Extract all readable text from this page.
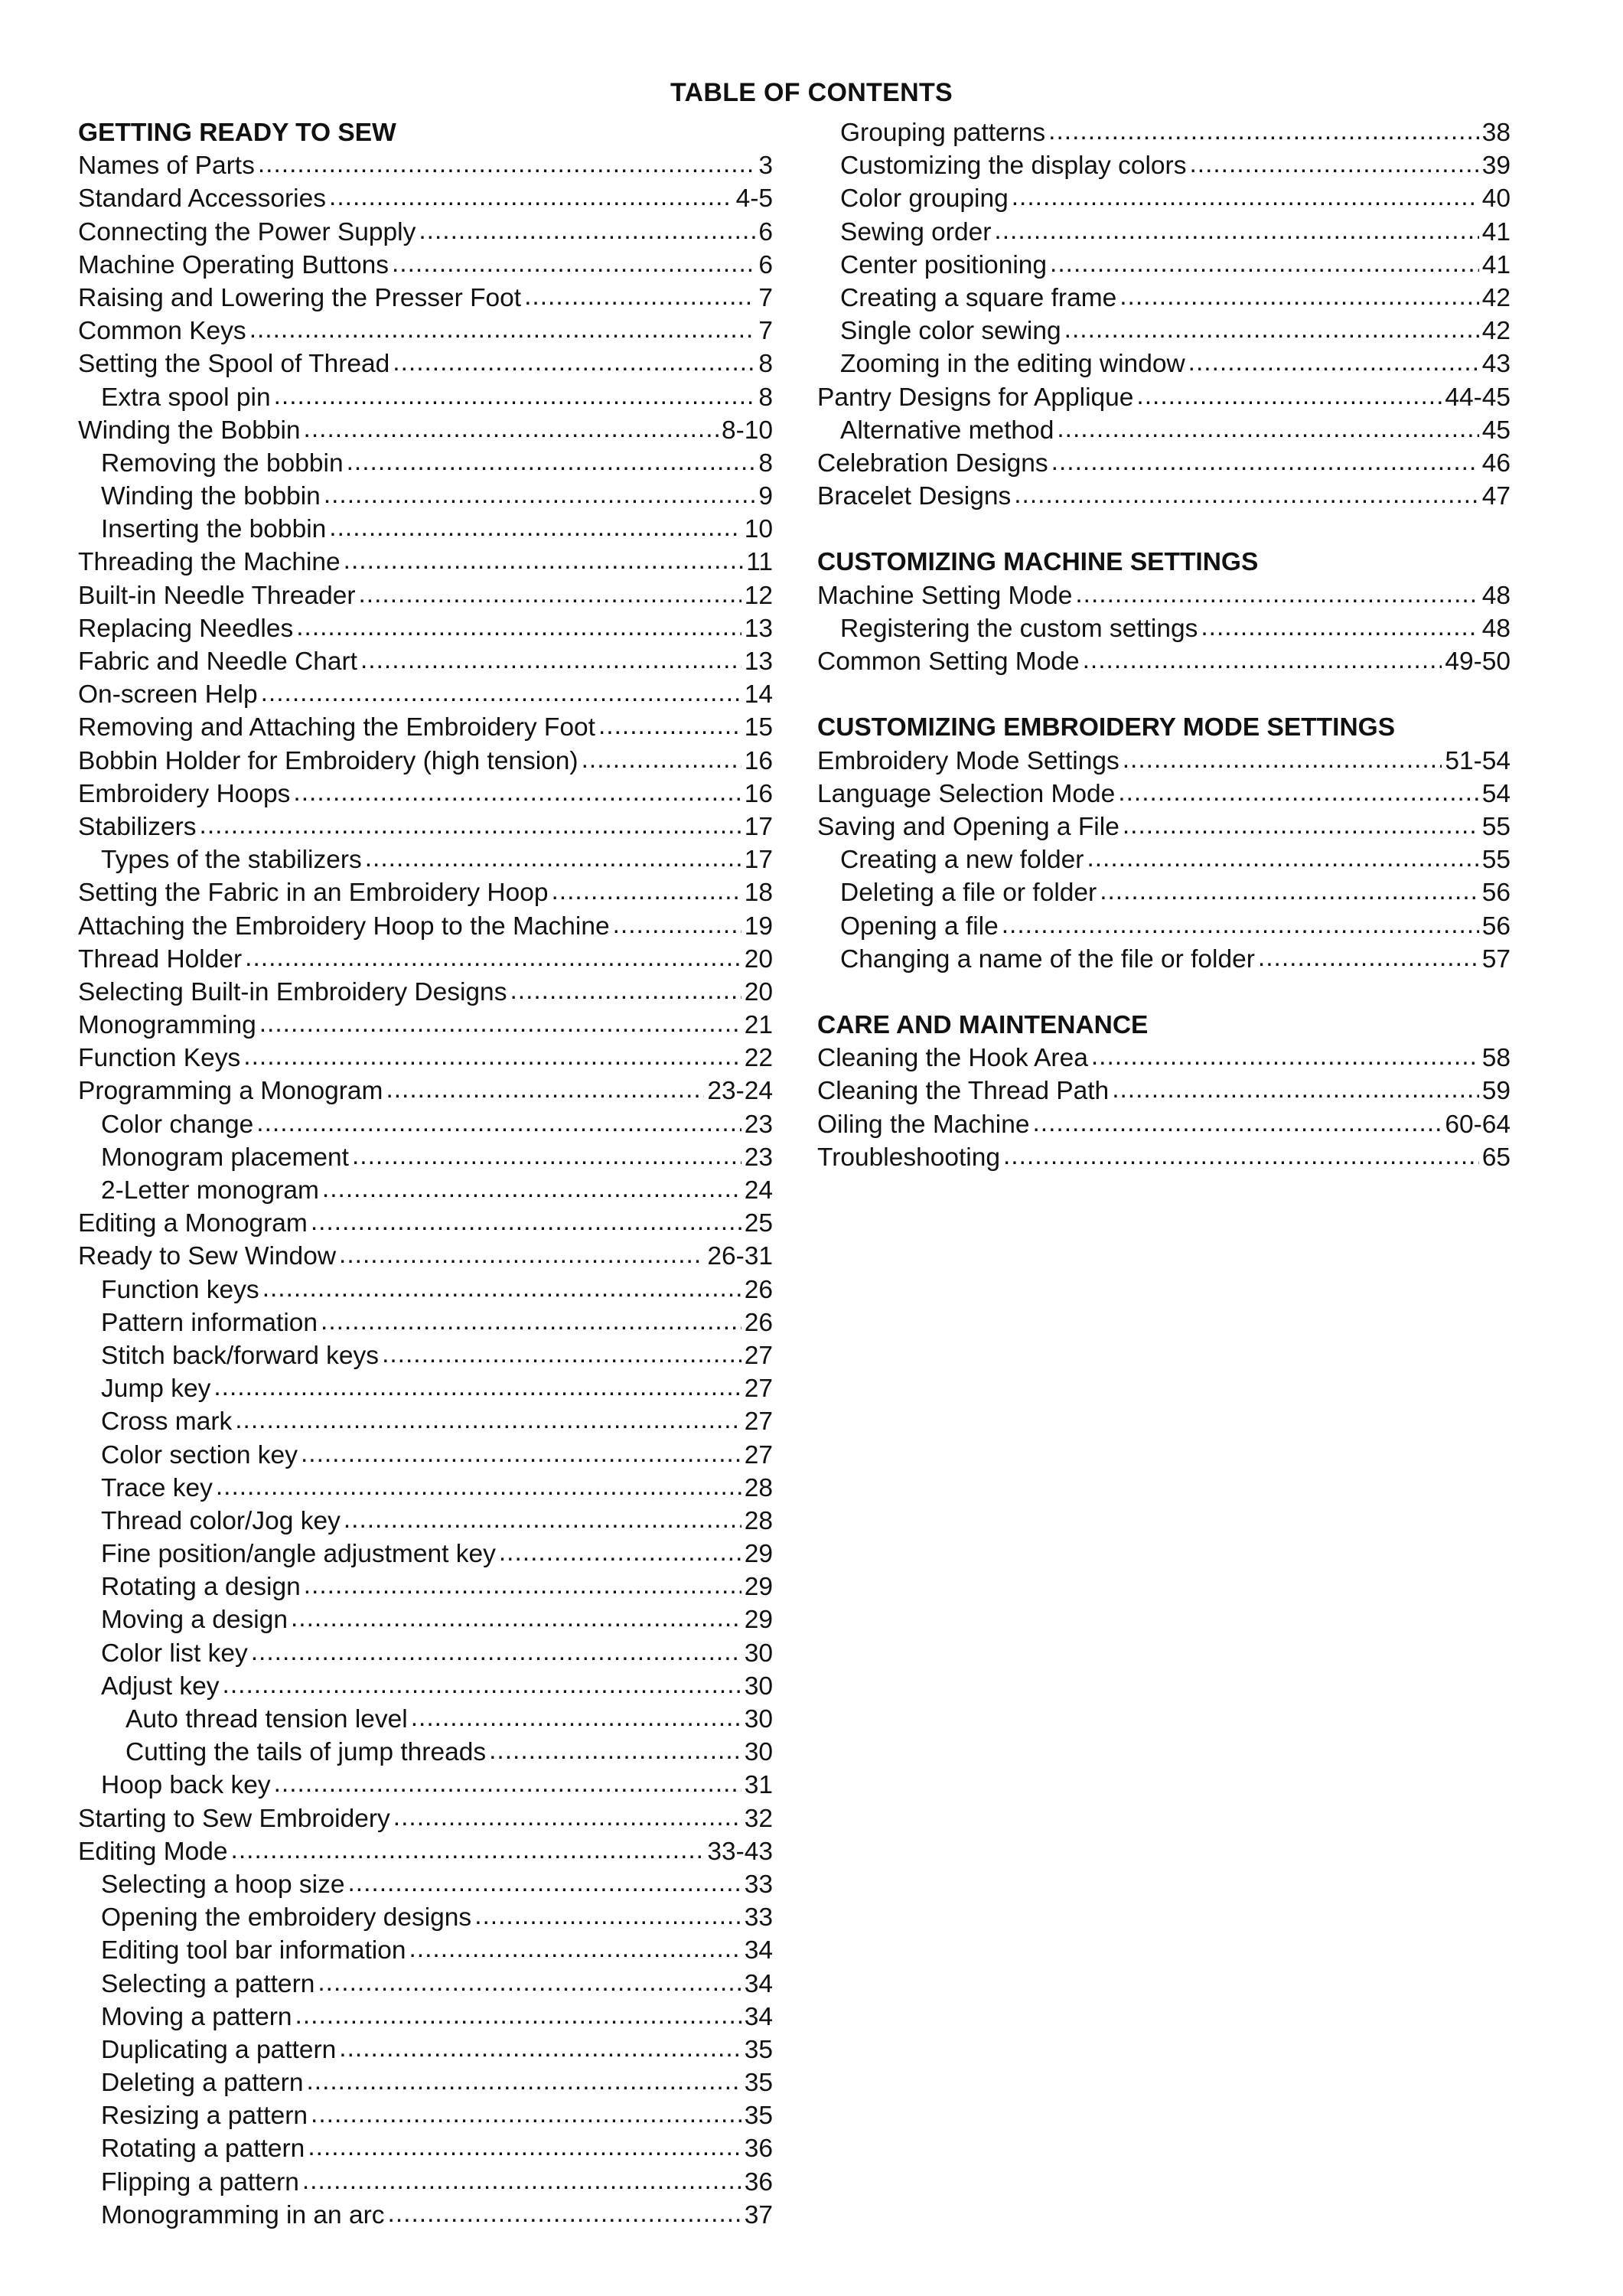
TABLE OF CONTENTS
GETTING READY TO SEW
Names of Parts .....	3
Standard Accessories .....	4-5
Connecting the Power Supply .....	6
Machine Operating Buttons .....	6
Raising and Lowering the Presser Foot .....	7
Common Keys .....	7
Setting the Spool of Thread .....	8
Extra spool pin .....	8
Winding the Bobbin .....	8-10
Removing the bobbin .....	8
Winding the bobbin .....	9
Inserting the bobbin .....	10
Threading the Machine .....	11
Built-in Needle Threader .....	12
Replacing Needles .....	13
Fabric and Needle Chart .....	13
On-screen Help .....	14
Removing and Attaching the Embroidery Foot .....	15
Bobbin Holder for Embroidery (high tension) .....	16
Embroidery Hoops .....	16
Stabilizers .....	17
Types of the stabilizers .....	17
Setting the Fabric in an Embroidery Hoop .....	18
Attaching the Embroidery Hoop to the Machine .....	19
Thread Holder .....	20
Selecting Built-in Embroidery Designs .....	20
Monogramming .....	21
Function Keys .....	22
Programming a Monogram .....	23-24
Color change .....	23
Monogram placement .....	23
2-Letter monogram .....	24
Editing a Monogram .....	25
Ready to Sew Window .....	26-31
Function keys .....	26
Pattern information .....	26
Stitch back/forward keys .....	27
Jump key .....	27
Cross mark .....	27
Color section key .....	27
Trace key .....	28
Thread color/Jog key .....	28
Fine position/angle adjustment key .....	29
Rotating a design .....	29
Moving a design .....	29
Color list key .....	30
Adjust key .....	30
Auto thread tension level .....	30
Cutting the tails of jump threads .....	30
Hoop back key .....	31
Starting to Sew Embroidery .....	32
Editing Mode .....	33-43
Selecting a hoop size .....	33
Opening the embroidery designs .....	33
Editing tool bar information .....	34
Selecting a pattern .....	34
Moving a pattern .....	34
Duplicating a pattern .....	35
Deleting a pattern .....	35
Resizing a pattern .....	35
Rotating a pattern .....	36
Flipping a pattern .....	36
Monogramming in an arc .....	37
Grouping patterns .....	38
Customizing the display colors .....	39
Color grouping .....	40
Sewing order .....	41
Center positioning .....	41
Creating a square frame .....	42
Single color sewing .....	42
Zooming in the editing window .....	43
Pantry Designs for Applique .....	44-45
Alternative method .....	45
Celebration Designs .....	46
Bracelet Designs .....	47
CUSTOMIZING MACHINE SETTINGS
Machine Setting Mode .....	48
Registering the custom settings .....	48
Common Setting Mode .....	49-50
CUSTOMIZING EMBROIDERY MODE SETTINGS
Embroidery Mode Settings .....	51-54
Language Selection Mode .....	54
Saving and Opening a File .....	55
Creating a new folder .....	55
Deleting a file or folder .....	56
Opening a file .....	56
Changing a name of the file or folder .....	57
CARE AND MAINTENANCE
Cleaning the Hook Area .....	58
Cleaning the Thread Path .....	59
Oiling the Machine .....	60-64
Troubleshooting .....	65
